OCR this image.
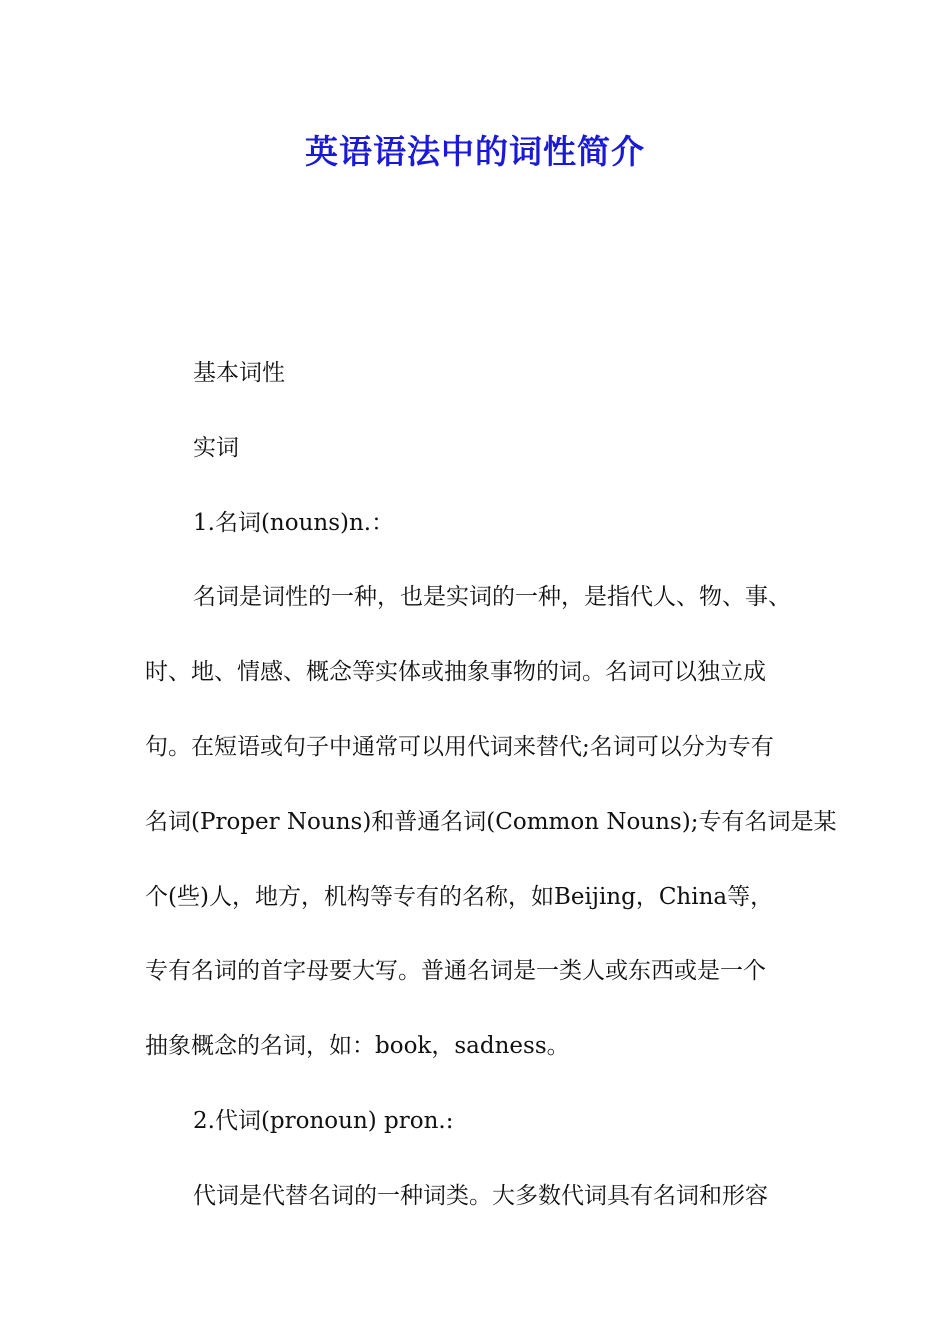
英语语法中的词性简介
基本词性
实词
1.名词(nouns)n.：
名词是词性的一种，也是实词的一种，是指代人、物、事、
时、地、情感、概念等实体或抽象事物的词。名词可以独立成
句。在短语或句子中通常可以用代词来替代;名词可以分为专有
名词(Proper Nouns)和普通名词(Common Nouns);专有名词是某
个(些)人，地方，机构等专有的名称，如Beijing，China等，
专有名词的首字母要大写。普通名词是一类人或东西或是一个
抽象概念的名词，如：book，sadness。
2.代词(pronoun) pron.:
代词是代替名词的一种词类。大多数代词具有名词和形容
